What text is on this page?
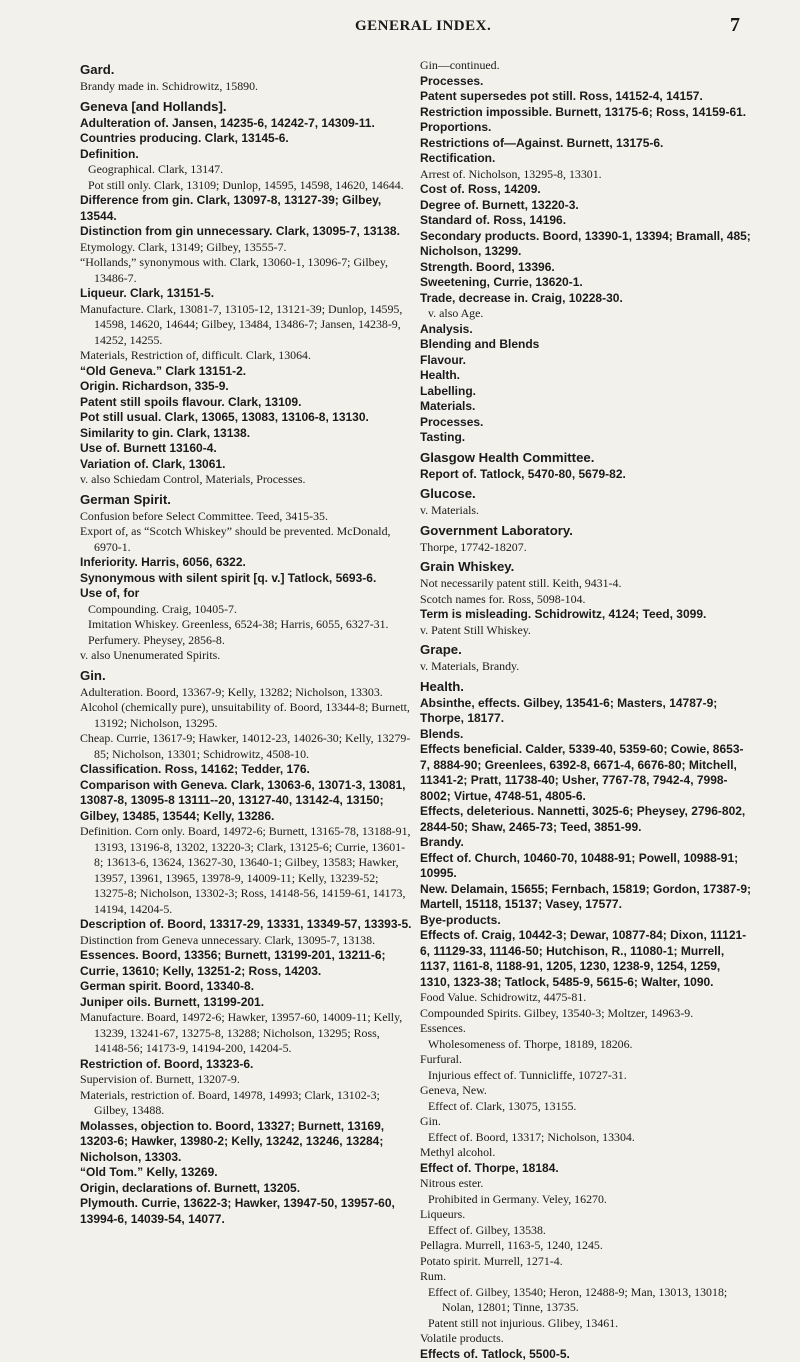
GENERAL INDEX.	7
Gard.
Brandy made in. Schidrowitz, 15890.
Geneva [and Hollands].
Adulteration of. Jansen, 14235-6, 14242-7, 14309-11.
Countries producing. Clark, 13145-6.
Definition.
Geographical. Clark, 13147.
Pot still only. Clark, 13109; Dunlop, 14595, 14598, 14620, 14644.
Difference from gin. Clark, 13097-8, 13127-39; Gilbey, 13544.
Distinction from gin unnecessary. Clark, 13095-7, 13138.
Etymology. Clark, 13149; Gilbey, 13555-7.
“Hollands,” synonymous with. Clark, 13060-1, 13096-7; Gilbey, 13486-7.
Liqueur. Clark, 13151-5.
Manufacture. Clark, 13081-7, 13105-12, 13121-39; Dunlop, 14595, 14598, 14620, 14644; Gilbey, 13484, 13486-7; Jansen, 14238-9, 14252, 14255.
Materials, Restriction of, difficult. Clark, 13064.
“Old Geneva.” Clark 13151-2.
Origin. Richardson, 335-9.
Patent still spoils flavour. Clark, 13109.
Pot still usual. Clark, 13065, 13083, 13106-8, 13130.
Similarity to gin. Clark, 13138.
Use of. Burnett 13160-4.
Variation of. Clark, 13061.
v. also Schiedam Control, Materials, Processes.
German Spirit.
Confusion before Select Committee. Teed, 3415-35.
Export of, as “Scotch Whiskey” should be prevented. McDonald, 6970-1.
Inferiority. Harris, 6056, 6322.
Synonymous with silent spirit [q. v.] Tatlock, 5693-6.
Use of, for
Compounding. Craig, 10405-7.
Imitation Whiskey. Greenless, 6524-38; Harris, 6055, 6327-31.
Perfumery. Pheysey, 2856-8.
v. also Unenumerated Spirits.
Gin.
Adulteration. Boord, 13367-9; Kelly, 13282; Nicholson, 13303.
Alcohol (chemically pure), unsuitability of. Boord, 13344-8; Burnett, 13192; Nicholson, 13295.
Cheap. Currie, 13617-9; Hawker, 14012-23, 14026-30; Kelly, 13279-85; Nicholson, 13301; Schidrowitz, 4508-10.
Classification. Ross, 14162; Tedder, 176.
Comparison with Geneva. Clark, 13063-6, 13071-3, 13081, 13087-8, 13095-8 13111--20, 13127-40, 13142-4, 13150; Gilbey, 13485, 13544; Kelly, 13286.
Definition. Corn only. Board, 14972-6; Burnett, 13165-78, 13188-91, 13193, 13196-8, 13202, 13220-3; Clark, 13125-6; Currie, 13601-8; 13613-6, 13624, 13627-30, 13640-1; Gilbey, 13583; Hawker, 13957, 13961, 13965, 13978-9, 14009-11; Kelly, 13239-52; 13275-8; Nicholson, 13302-3; Ross, 14148-56, 14159-61, 14173, 14194, 14204-5.
Description of. Boord, 13317-29, 13331, 13349-57, 13393-5.
Distinction from Geneva unnecessary. Clark, 13095-7, 13138.
Essences. Boord, 13356; Burnett, 13199-201, 13211-6; Currie, 13610; Kelly, 13251-2; Ross, 14203.
German spirit. Boord, 13340-8.
Juniper oils. Burnett, 13199-201.
Manufacture. Board, 14972-6; Hawker, 13957-60, 14009-11; Kelly, 13239, 13241-67, 13275-8, 13288; Nicholson, 13295; Ross, 14148-56; 14173-9, 14194-200, 14204-5.
Restriction of. Boord, 13323-6.
Supervision of. Burnett, 13207-9.
Materials, restriction of. Board, 14978, 14993; Clark, 13102-3; Gilbey, 13488.
Molasses, objection to. Boord, 13327; Burnett, 13169, 13203-6; Hawker, 13980-2; Kelly, 13242, 13246, 13284; Nicholson, 13303.
“Old Tom.” Kelly, 13269.
Origin, declarations of. Burnett, 13205.
Plymouth. Currie, 13622-3; Hawker, 13947-50, 13957-60, 13994-6, 14039-54, 14077.
Gin—continued.
Processes.
Patent supersedes pot still. Ross, 14152-4, 14157.
Restriction impossible. Burnett, 13175-6; Ross, 14159-61.
Proportions.
Restrictions of—Against. Burnett, 13175-6.
Rectification.
Arrest of. Nicholson, 13295-8, 13301.
Cost of. Ross, 14209.
Degree of. Burnett, 13220-3.
Standard of. Ross, 14196.
Secondary products. Boord, 13390-1, 13394; Bramall, 485; Nicholson, 13299.
Strength. Boord, 13396.
Sweetening, Currie, 13620-1.
Trade, decrease in. Craig, 10228-30.
v. also Age.
Analysis.
Blending and Blends
Flavour.
Health.
Labelling.
Materials.
Processes.
Tasting.
Glasgow Health Committee.
Report of. Tatlock, 5470-80, 5679-82.
Glucose.
v. Materials.
Government Laboratory.
Thorpe, 17742-18207.
Grain Whiskey.
Not necessarily patent still. Keith, 9431-4.
Scotch names for. Ross, 5098-104.
Term is misleading. Schidrowitz, 4124; Teed, 3099.
v. Patent Still Whiskey.
Grape.
v. Materials, Brandy.
Health.
Absinthe, effects. Gilbey, 13541-6; Masters, 14787-9; Thorpe, 18177.
Blends.
Effects beneficial. Calder, 5339-40, 5359-60; Cowie, 8653-7, 8884-90; Greenlees, 6392-8, 6671-4, 6676-80; Mitchell, 11341-2; Pratt, 11738-40; Usher, 7767-78, 7942-4, 7998-8002; Virtue, 4748-51, 4805-6.
Effects, deleterious. Nannetti, 3025-6; Pheysey, 2796-802, 2844-50; Shaw, 2465-73; Teed, 3851-99.
Brandy.
Effect of. Church, 10460-70, 10488-91; Powell, 10988-91; 10995.
New. Delamain, 15655; Fernbach, 15819; Gordon, 17387-9; Martell, 15118, 15137; Vasey, 17577.
Bye-products.
Effects of. Craig, 10442-3; Dewar, 10877-84; Dixon, 11121-6, 11129-33, 11146-50; Hutchison, R., 11080-1; Murrell, 1137, 1161-8, 1188-91, 1205, 1230, 1238-9, 1254, 1259, 1310, 1323-38; Tatlock, 5485-9, 5615-6; Walter, 1090.
Food Value. Schidrowitz, 4475-81.
Compounded Spirits. Gilbey, 13540-3; Moltzer, 14963-9.
Essences.
Wholesomeness of. Thorpe, 18189, 18206.
Furfural.
Injurious effect of. Tunnicliffe, 10727-31.
Geneva, New.
Effect of. Clark, 13075, 13155.
Gin.
Effect of. Boord, 13317; Nicholson, 13304.
Methyl alcohol.
Effect of. Thorpe, 18184.
Nitrous ester.
Prohibited in Germany. Veley, 16270.
Liqueurs.
Effect of. Gilbey, 13538.
Pellagra. Murrell, 1163-5, 1240, 1245.
Potato spirit. Murrell, 1271-4.
Rum.
Effect of. Gilbey, 13540; Heron, 12488-9; Man, 13013, 13018; Nolan, 12801; Tinne, 13735.
Patent still not injurious. Glibey, 13461.
Volatile products.
Effects of. Tatlock, 5500-5.
